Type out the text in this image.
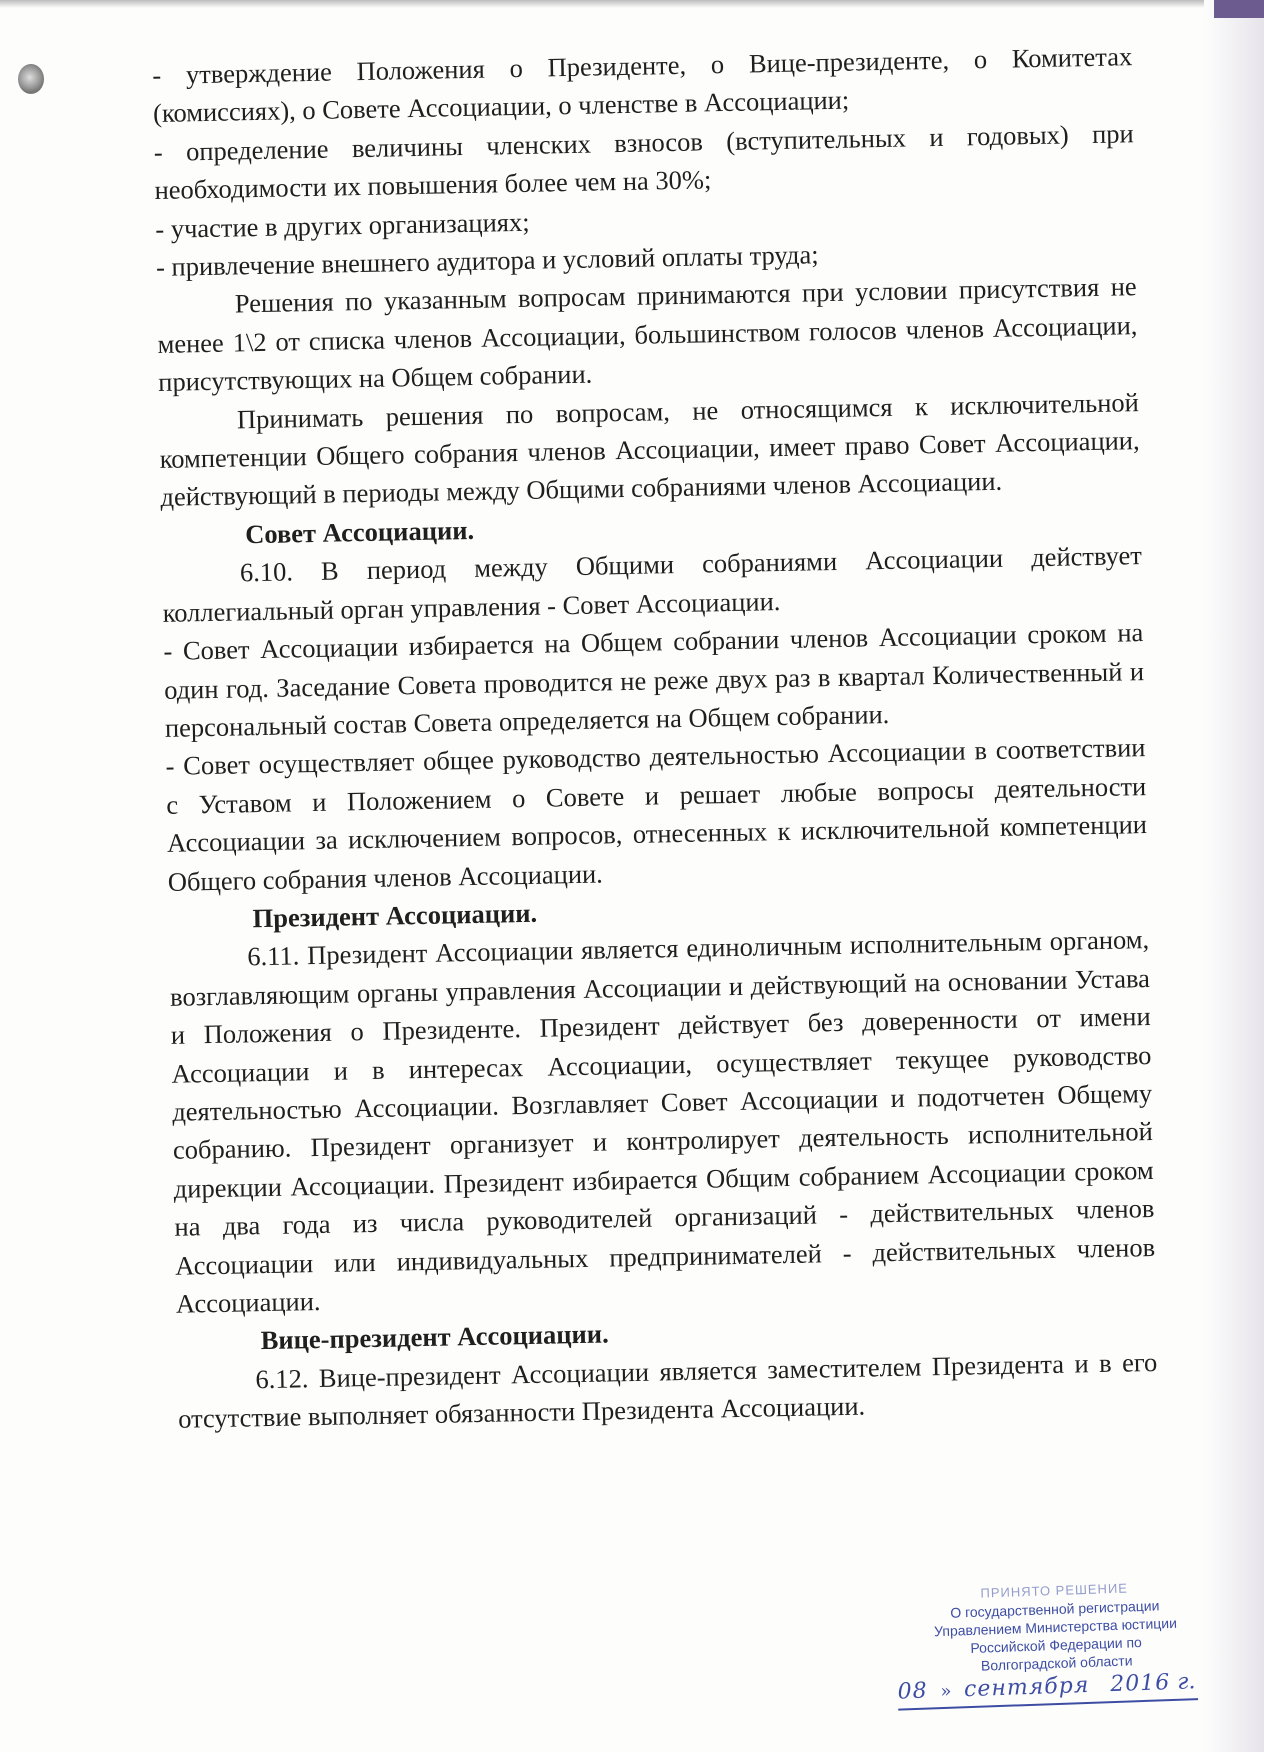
- утверждение Положения о Президенте, о Вице-президенте, о Комитетах (комиссиях), о Совете Ассоциации, о членстве в Ассоциации;

- определение величины членских взносов (вступительных и годовых) при необходимости их повышения более чем на 30%;

- участие в других организациях;

- привлечение внешнего аудитора и условий оплаты труда;

Решения по указанным вопросам принимаются при условии присутствия не менее 1\2 от списка членов Ассоциации, большинством голосов членов Ассоциации, присутствующих на Общем собрании.

Принимать решения по вопросам, не относящимся к исключительной компетенции Общего собрания членов Ассоциации, имеет право Совет Ассоциации, действующий в периоды между Общими собраниями членов Ассоциации.

Совет Ассоциации.

6.10. В период между Общими собраниями Ассоциации действует коллегиальный орган управления - Совет Ассоциации.

- Совет Ассоциации избирается на Общем собрании членов Ассоциации сроком на один год. Заседание Совета проводится не реже двух раз в квартал Количественный и персональный состав Совета определяется на Общем собрании.

- Совет осуществляет общее руководство деятельностью Ассоциации в соответствии с Уставом и Положением о Совете и решает любые вопросы деятельности Ассоциации за исключением вопросов, отнесенных к исключительной компетенции Общего собрания членов Ассоциации.

Президент Ассоциации.

6.11. Президент Ассоциации является единоличным исполнительным органом, возглавляющим органы управления Ассоциации и действующий на основании Устава и Положения о Президенте. Президент действует без доверенности от имени Ассоциации и в интересах Ассоциации, осуществляет текущее руководство деятельностью Ассоциации. Возглавляет Совет Ассоциации и подотчетен Общему собранию. Президент организует и контролирует деятельность исполнительной дирекции Ассоциации. Президент избирается Общим собранием Ассоциации сроком на два года из числа руководителей организаций - действительных членов Ассоциации или индивидуальных предпринимателей - действительных членов Ассоциации.

Вице-президент Ассоциации.

6.12. Вице-президент Ассоциации является заместителем Президента и в его отсутствие выполняет обязанности Президента Ассоциации.

ПРИНЯТО РЕШЕНИЕ
О государственной регистрации
Управлением Министерства юстиции
Российской Федерации по
Волгоградской области
08  »  сентября 2016 г.
